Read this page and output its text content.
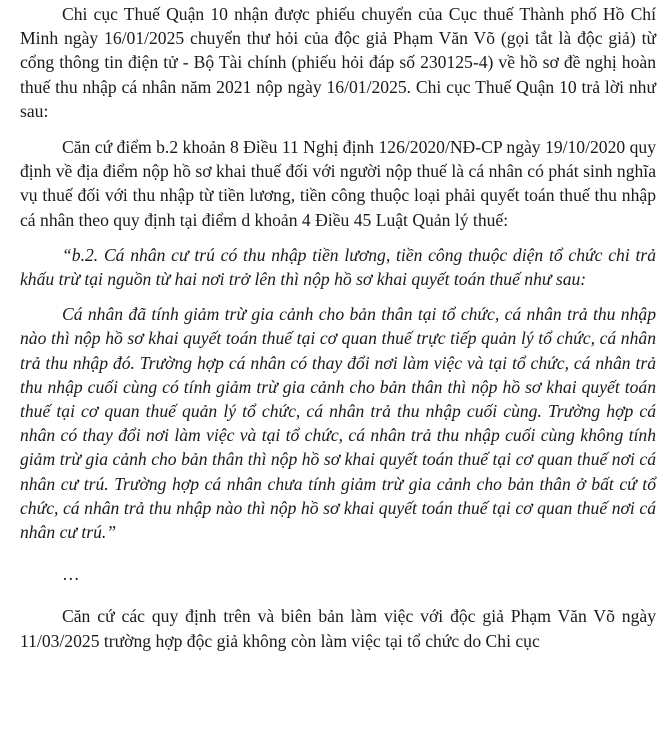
Chi cục Thuế Quận 10 nhận được phiếu chuyển của Cục thuế Thành phố Hồ Chí Minh ngày 16/01/2025 chuyển thư hỏi của độc giả Phạm Văn Võ (gọi tắt là độc giả) từ cổng thông tin điện tử - Bộ Tài chính (phiếu hỏi đáp số 230125-4) về hồ sơ đề nghị hoàn thuế thu nhập cá nhân năm 2021 nộp ngày 16/01/2025. Chi cục Thuế Quận 10 trả lời như sau:

Căn cứ điểm b.2 khoản 8 Điều 11 Nghị định 126/2020/NĐ-CP ngày 19/10/2020 quy định về địa điểm nộp hồ sơ khai thuế đối với người nộp thuế là cá nhân có phát sinh nghĩa vụ thuế đối với thu nhập từ tiền lương, tiền công thuộc loại phải quyết toán thuế thu nhập cá nhân theo quy định tại điểm d khoản 4 Điều 45 Luật Quản lý thuế:

“b.2. Cá nhân cư trú có thu nhập tiền lương, tiền công thuộc diện tổ chức chi trả khấu trừ tại nguồn từ hai nơi trở lên thì nộp hồ sơ khai quyết toán thuế như sau:

Cá nhân đã tính giảm trừ gia cảnh cho bản thân tại tổ chức, cá nhân trả thu nhập nào thì nộp hồ sơ khai quyết toán thuế tại cơ quan thuế trực tiếp quản lý tổ chức, cá nhân trả thu nhập đó. Trường hợp cá nhân có thay đổi nơi làm việc và tại tổ chức, cá nhân trả thu nhập cuối cùng có tính giảm trừ gia cảnh cho bản thân thì nộp hồ sơ khai quyết toán thuế tại cơ quan thuế quản lý tổ chức, cá nhân trả thu nhập cuối cùng. Trường hợp cá nhân có thay đổi nơi làm việc và tại tổ chức, cá nhân trả thu nhập cuối cùng không tính giảm trừ gia cảnh cho bản thân thì nộp hồ sơ khai quyết toán thuế tại cơ quan thuế nơi cá nhân cư trú. Trường hợp cá nhân chưa tính giảm trừ gia cảnh cho bản thân ở bất cứ tổ chức, cá nhân trả thu nhập nào thì nộp hồ sơ khai quyết toán thuế tại cơ quan thuế nơi cá nhân cư trú.”

…

Căn cứ các quy định trên và biên bản làm việc với độc giả Phạm Văn Võ ngày 11/03/2025 trường hợp độc giả không còn làm việc tại tổ chức do Chi cục
